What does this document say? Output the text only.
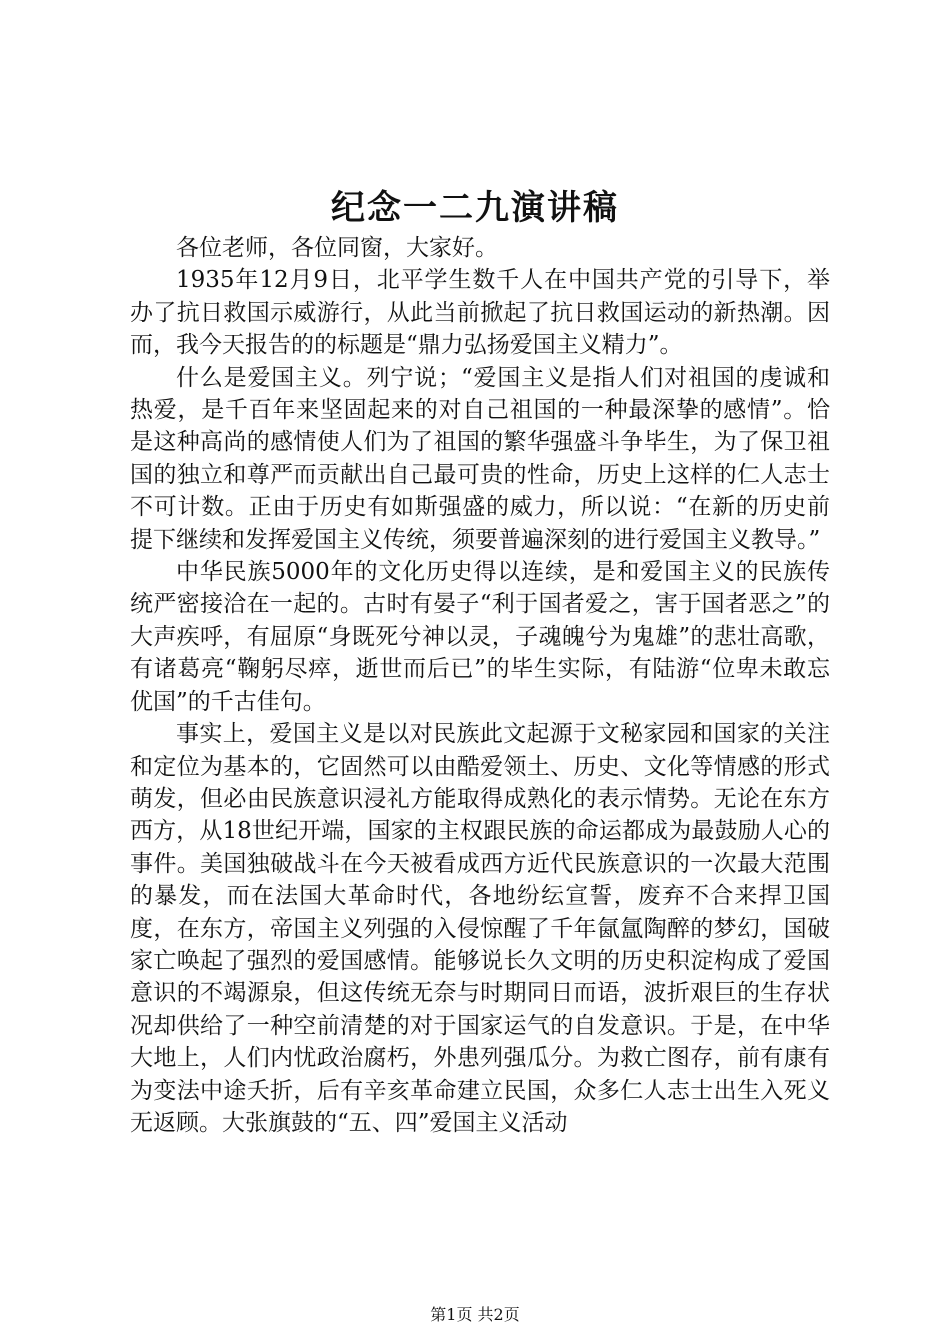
纪念一二九演讲稿

各位老师，各位同窗，大家好。

1935年12月9日，北平学生数千人在中国共产党的引导下，举办了抗日救国示威游行，从此当前掀起了抗日救国运动的新热潮。因而，我今天报告的的标题是“鼎力弘扬爱国主义精力”。

什么是爱国主义。列宁说；“爱国主义是指人们对祖国的虔诚和热爱，是千百年来坚固起来的对自己祖国的一种最深挚的感情”。恰是这种高尚的感情使人们为了祖国的繁华强盛斗争毕生，为了保卫祖国的独立和尊严而贡献出自己最可贵的性命，历史上这样的仁人志士不可计数。正由于历史有如斯强盛的威力，所以说：“在新的历史前提下继续和发挥爱国主义传统，须要普遍深刻的进行爱国主义教导。”

中华民族5000年的文化历史得以连续，是和爱国主义的民族传统严密接洽在一起的。古时有晏子“利于国者爱之，害于国者恶之”的大声疾呼，有屈原“身既死兮神以灵，子魂魄兮为鬼雄”的悲壮高歌，有诸葛亮“鞠躬尽瘁，逝世而后已”的毕生实际，有陆游“位卑未敢忘优国”的千古佳句。

事实上，爱国主义是以对民族此文起源于文秘家园和国家的关注和定位为基本的，它固然可以由酷爱领土、历史、文化等情感的形式萌发，但必由民族意识浸礼方能取得成熟化的表示情势。无论在东方西方，从18世纪开端，国家的主权跟民族的命运都成为最鼓励人心的事件。美国独破战斗在今天被看成西方近代民族意识的一次最大范围的暴发，而在法国大革命时代，各地纷纭宣誓，废弃不合来捍卫国度，在东方，帝国主义列强的入侵惊醒了千年氤氲陶醉的梦幻，国破家亡唤起了强烈的爱国感情。能够说长久文明的历史积淀构成了爱国意识的不竭源泉，但这传统无奈与时期同日而语，波折艰巨的生存状况却供给了一种空前清楚的对于国家运气的自发意识。于是，在中华大地上，人们内忧政治腐朽，外患列强瓜分。为救亡图存，前有康有为变法中途夭折，后有辛亥革命建立民国，众多仁人志士出生入死义无返顾。大张旗鼓的“五、四”爱国主义活动

第1页 共2页
